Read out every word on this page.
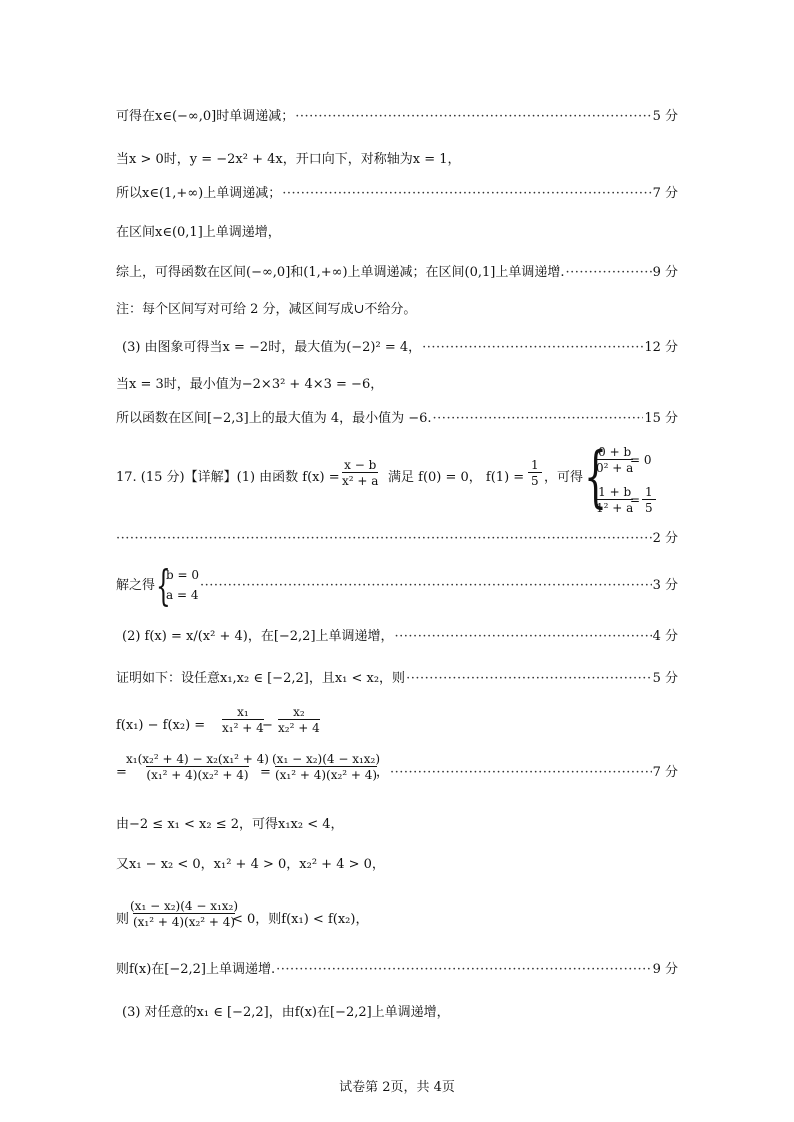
可得在x∈(−∞,0]时单调递减； ·····	5 分
当x > 0时，y = −2x² + 4x，开口向下，对称轴为x = 1，
所以x∈(1,+∞)上单调递减； ·····	7 分
在区间x∈(0,1]上单调递增，
综上，可得函数在区间(−∞,0]和(1,+∞)上单调递减；在区间(0,1]上单调递增. ·····	9 分
注：每个区间写对可给 2 分，减区间写成∪不给分。
(3) 由图象可得当x = −2时，最大值为(−2)² = 4， ·····	12 分
当x = 3时，最小值为−2×3² + 4×3 = −6，
所以函数在区间[−2,3]上的最大值为 4，最小值为 −6. ·····	15 分
17. (15 分)【详解】(1) 由函数 $f(x) = \frac{x - b}{\text{x² + a}}$ 满足 f(0) = 0， $f(1) = \frac{1}{5}$ ，可得 {
$\frac{0 + b}{\text{0² + a}}$
= 0
$\frac{1 + b}{\text{1² + a}}$
= $\frac{1}{5}$
·····
2 分
解之得 {
b = 0
a = 4
·····
3 分
(2) f(x) = x/(x² + 4)，在[−2,2]上单调递增， ·····	4 分
证明如下：设任意x₁,x₂ ∈ [−2,2]，且x₁ < x₂，则 ·····	5 分
$f(x_1) - f(x_2) = \frac{\text{x₁}}{\text{x₁² + 4}}$
− $\frac{\text{x₂}}{\text{x₂² + 4}}$
= $\frac{\text{x₁(x₂² + 4) − x₂(x₁² + 4)}}{\text{(x₁² + 4)(x₂² + 4)}}$
= $\frac{\text{(x₁ − x₂)(4 − x₁x₂)}}{\text{(x₁² + 4)(x₂² + 4)}}$
， ·····	7 分
由−2 ≤ x₁ < x₂ ≤ 2，可得x₁x₂ < 4，
又x₁ − x₂ < 0，x₁² + 4 > 0，x₂² + 4 > 0，
则 $\frac{\text{(x₁ − x₂)(4 − x₁x₂)}}{\text{(x₁² + 4)(x₂² + 4)}}$
< 0，则f(x₁) < f(x₂)，
则f(x)在[−2,2]上单调递增. ·····	9 分
(3) 对任意的x₁ ∈ [−2,2]，由f(x)在[−2,2]上单调递增，
试卷第 2页，共 4页
